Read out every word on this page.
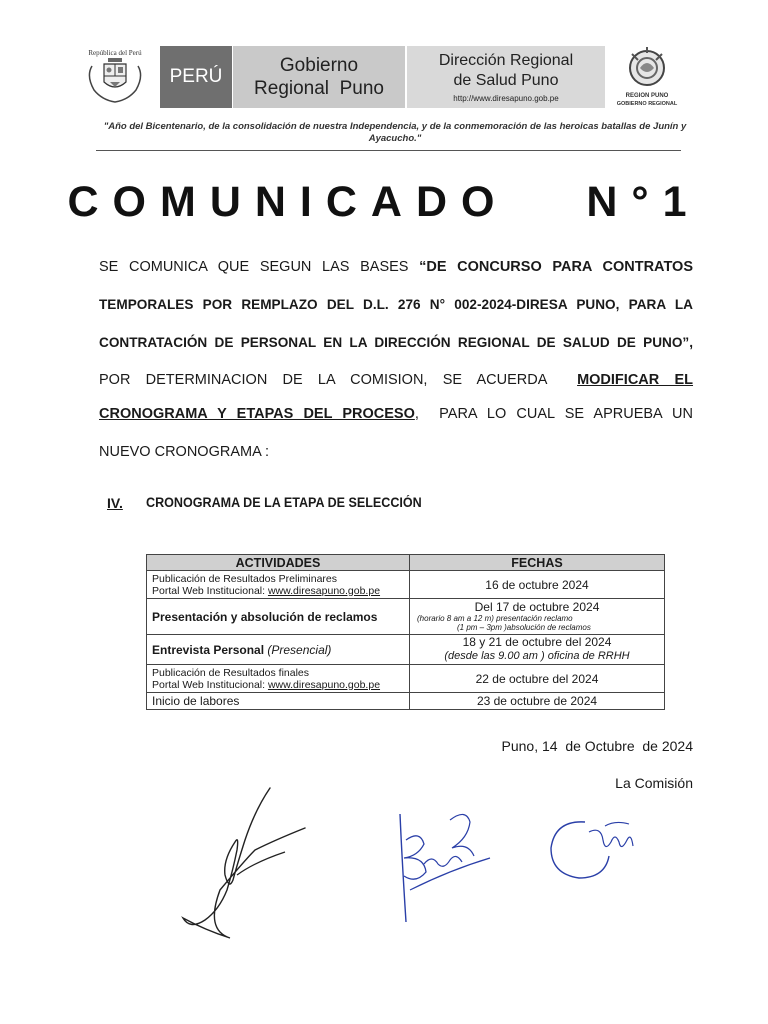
República del Perú
PERÚ
Gobierno
Regional  Puno
Dirección Regional
de Salud Puno
http://www.diresapuno.gob.pe	REGION PUNO
GOBIERNO REGIONAL
"Año del Bicentenario, de la consolidación de nuestra Independencia, y de la conmemoración de las heroicas batallas de Junín y Ayacucho."
COMUNICADO N°1
SE COMUNICA QUE SEGUN LAS BASES “DE CONCURSO PARA CONTRATOS
TEMPORALES POR REMPLAZO DEL D.L. 276 N° 002-2024-DIRESA PUNO, PARA LA
CONTRATACIÓN DE PERSONAL EN LA DIRECCIÓN REGIONAL DE SALUD DE PUNO”,
POR DETERMINACION DE LA COMISION, SE ACUERDA  MODIFICAR EL
CRONOGRAMA Y ETAPAS DEL PROCESO,  PARA LO CUAL SE APRUEBA UN
NUEVO CRONOGRAMA :
IV. CRONOGRAMA DE LA ETAPA DE SELECCIÓN
ACTIVIDADES	FECHAS
Publicación de Resultados Preliminares
Portal Web Institucional: www.diresapuno.gob.pe	16 de octubre 2024
Presentación y absolución de reclamos	Del 17 de octubre 2024
(horario 8 am a 12 m) presentación reclamo
(1 pm – 3pm )absolución de reclamos

Entrevista Personal (Presencial)	18 y 21 de octubre del 2024
(desde las 9.00 am ) oficina de RRHH
Publicación de Resultados finales
Portal Web Institucional: www.diresapuno.gob.pe	22 de octubre del 2024
Inicio de labores	23 de octubre de 2024
Puno, 14  de Octubre  de 2024
La Comisión
